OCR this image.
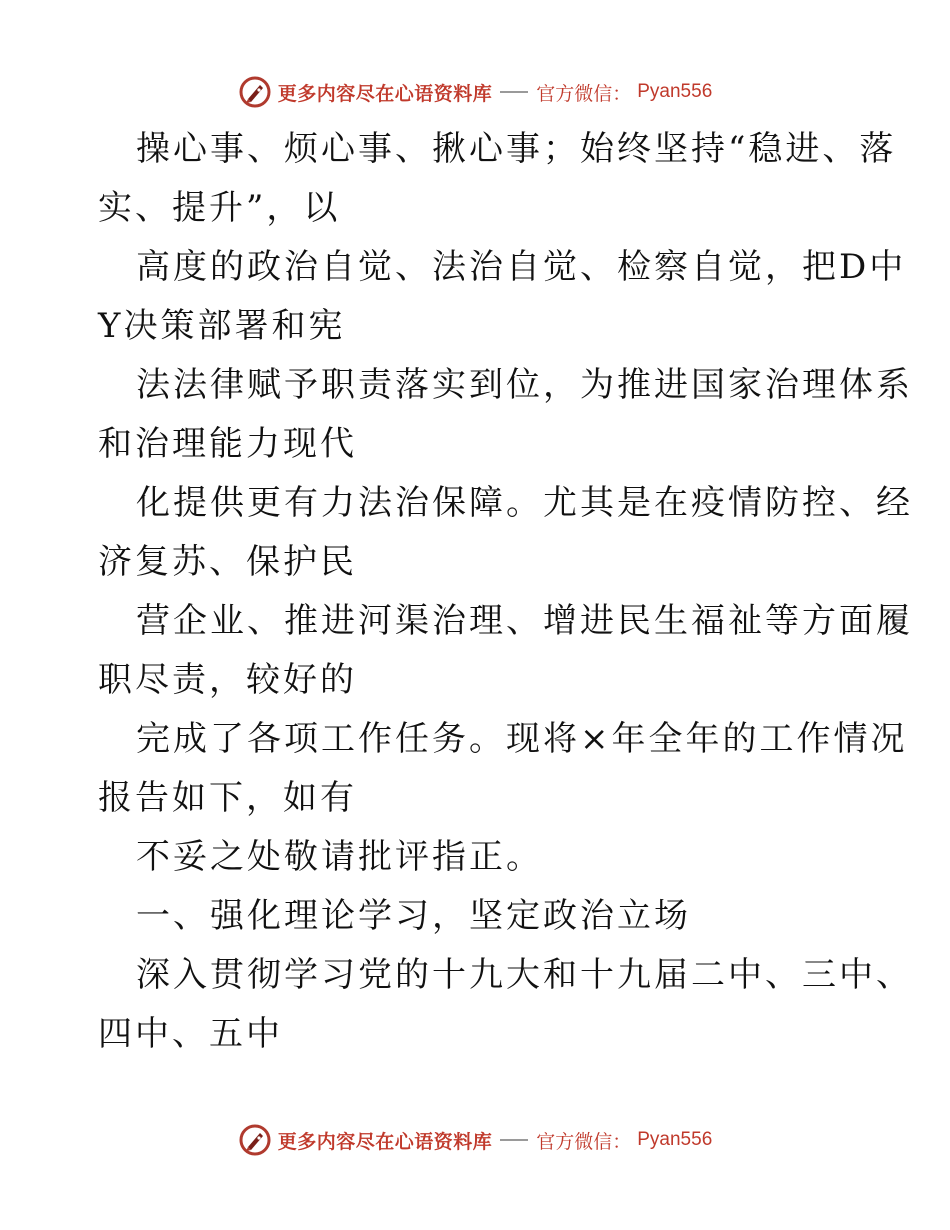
更多内容尽在心语资料库 官方微信： Pyan556

操心事、烦心事、揪心事；始终坚持“稳进、落

实、提升”，以

高度的政治自觉、法治自觉、检察自觉，把D中

Y决策部署和宪

法法律赋予职责落实到位，为推进国家治理体系

和治理能力现代

化提供更有力法治保障。尤其是在疫情防控、经

济复苏、保护民

营企业、推进河渠治理、增进民生福祉等方面履

职尽责，较好的

完成了各项工作任务。现将×年全年的工作情况

报告如下，如有

不妥之处敬请批评指正。

一、强化理论学习，坚定政治立场

深入贯彻学习党的十九大和十九届二中、三中、

四中、五中

更多内容尽在心语资料库 官方微信： Pyan556
